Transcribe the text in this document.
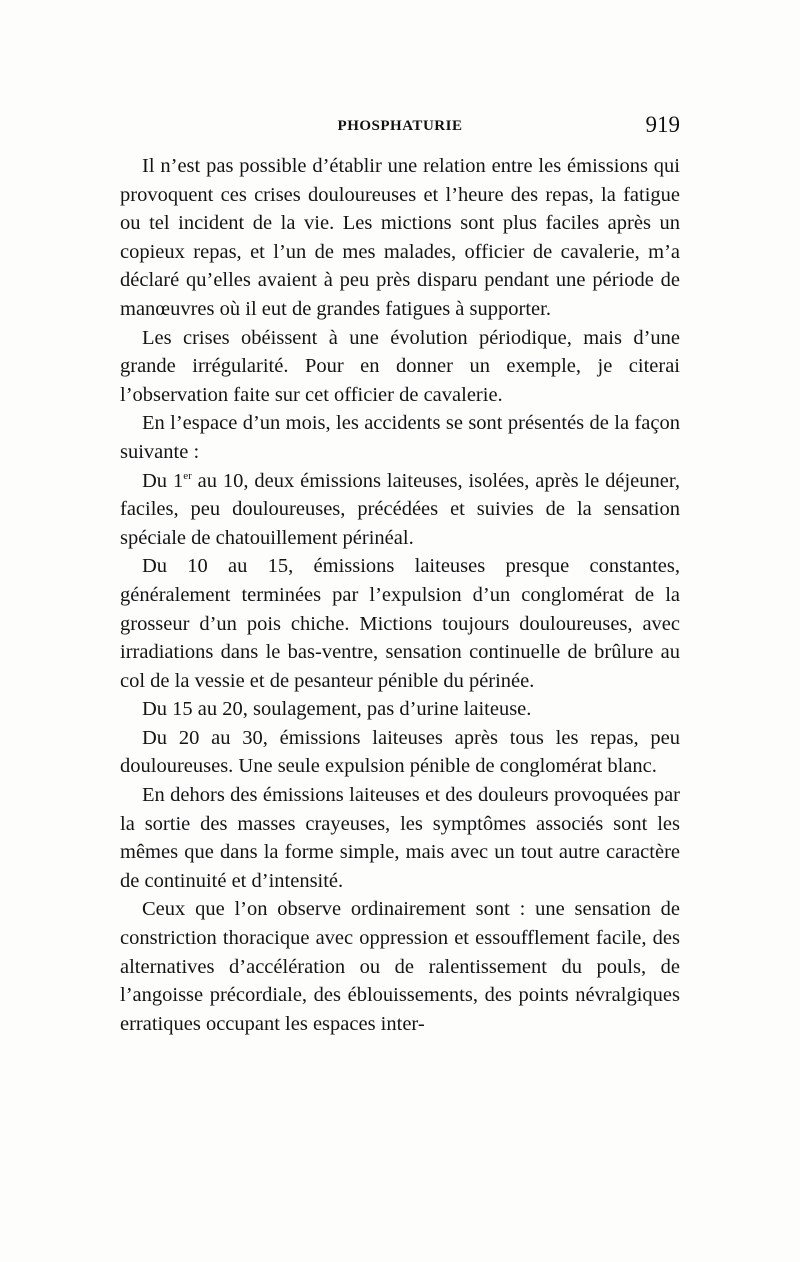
PHOSPHATURIE	919

Il n’est pas possible d’établir une relation entre les émissions qui provoquent ces crises douloureuses et l’heure des repas, la fatigue ou tel incident de la vie. Les mictions sont plus faciles après un copieux repas, et l’un de mes malades, officier de cavalerie, m’a déclaré qu’elles avaient à peu près disparu pendant une période de manœuvres où il eut de grandes fatigues à supporter.

Les crises obéissent à une évolution périodique, mais d’une grande irrégularité. Pour en donner un exemple, je citerai l’observation faite sur cet officier de cavalerie.

En l’espace d’un mois, les accidents se sont présentés de la façon suivante :

Du 1er au 10, deux émissions laiteuses, isolées, après le déjeuner, faciles, peu douloureuses, précédées et suivies de la sensation spéciale de chatouillement périnéal.

Du 10 au 15, émissions laiteuses presque constantes, généralement terminées par l’expulsion d’un conglomérat de la grosseur d’un pois chiche. Mictions toujours douloureuses, avec irradiations dans le bas-ventre, sensation continuelle de brûlure au col de la vessie et de pesanteur pénible du périnée.

Du 15 au 20, soulagement, pas d’urine laiteuse.

Du 20 au 30, émissions laiteuses après tous les repas, peu douloureuses. Une seule expulsion pénible de conglomérat blanc.

En dehors des émissions laiteuses et des douleurs provoquées par la sortie des masses crayeuses, les symptômes associés sont les mêmes que dans la forme simple, mais avec un tout autre caractère de continuité et d’intensité.

Ceux que l’on observe ordinairement sont : une sensation de constriction thoracique avec oppression et essoufflement facile, des alternatives d’accélération ou de ralentissement du pouls, de l’angoisse précordiale, des éblouissements, des points névralgiques erratiques occupant les espaces inter-
